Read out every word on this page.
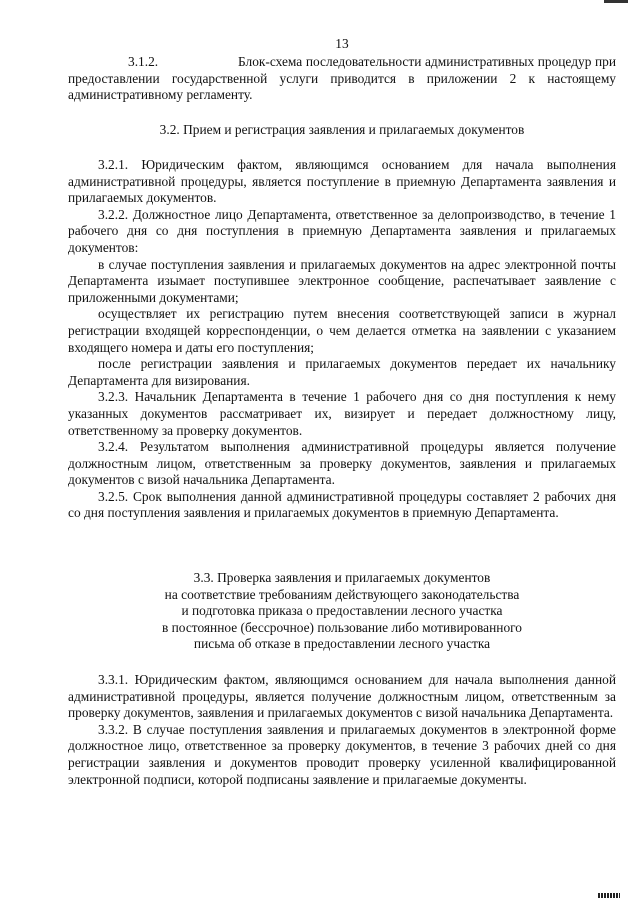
13

3.1.2.	Блок-схема последовательности административных процедур при предоставлении государственной услуги приводится в приложении 2 к настоящему административному регламенту.

3.2. Прием и регистрация заявления и прилагаемых документов

3.2.1. Юридическим фактом, являющимся основанием для начала выполнения административной процедуры, является поступление в приемную Департамента заявления и прилагаемых документов.

3.2.2. Должностное лицо Департамента, ответственное за делопроизводство, в течение 1 рабочего дня со дня поступления в приемную Департамента заявления и прилагаемых документов:

в случае поступления заявления и прилагаемых документов на адрес электронной почты Департамента изымает поступившее электронное сообщение, распечатывает заявление с приложенными документами;

осуществляет их регистрацию путем внесения соответствующей записи в журнал регистрации входящей корреспонденции, о чем делается отметка на заявлении с указанием входящего номера и даты его поступления;

после регистрации заявления и прилагаемых документов передает их начальнику Департамента для визирования.

3.2.3. Начальник Департамента в течение 1 рабочего дня со дня поступления к нему указанных документов рассматривает их, визирует и передает должностному лицу, ответственному за проверку документов.

3.2.4. Результатом выполнения административной процедуры является получение должностным лицом, ответственным за проверку документов, заявления и прилагаемых документов с визой начальника Департамента.

3.2.5. Срок выполнения данной административной процедуры составляет 2 рабочих дня со дня поступления заявления и прилагаемых документов в приемную Департамента.

3.3. Проверка заявления и прилагаемых документов
на соответствие требованиям действующего законодательства
и подготовка приказа о предоставлении лесного участка
в постоянное (бессрочное) пользование либо мотивированного
письма об отказе в предоставлении лесного участка

3.3.1. Юридическим фактом, являющимся основанием для начала выполнения данной административной процедуры, является получение должностным лицом, ответственным за проверку документов, заявления и прилагаемых документов с визой начальника Департамента.

3.3.2. В случае поступления заявления и прилагаемых документов в электронной форме должностное лицо, ответственное за проверку документов, в течение 3 рабочих дней со дня регистрации заявления и документов проводит проверку усиленной квалифицированной электронной подписи, которой подписаны заявление и прилагаемые документы.
